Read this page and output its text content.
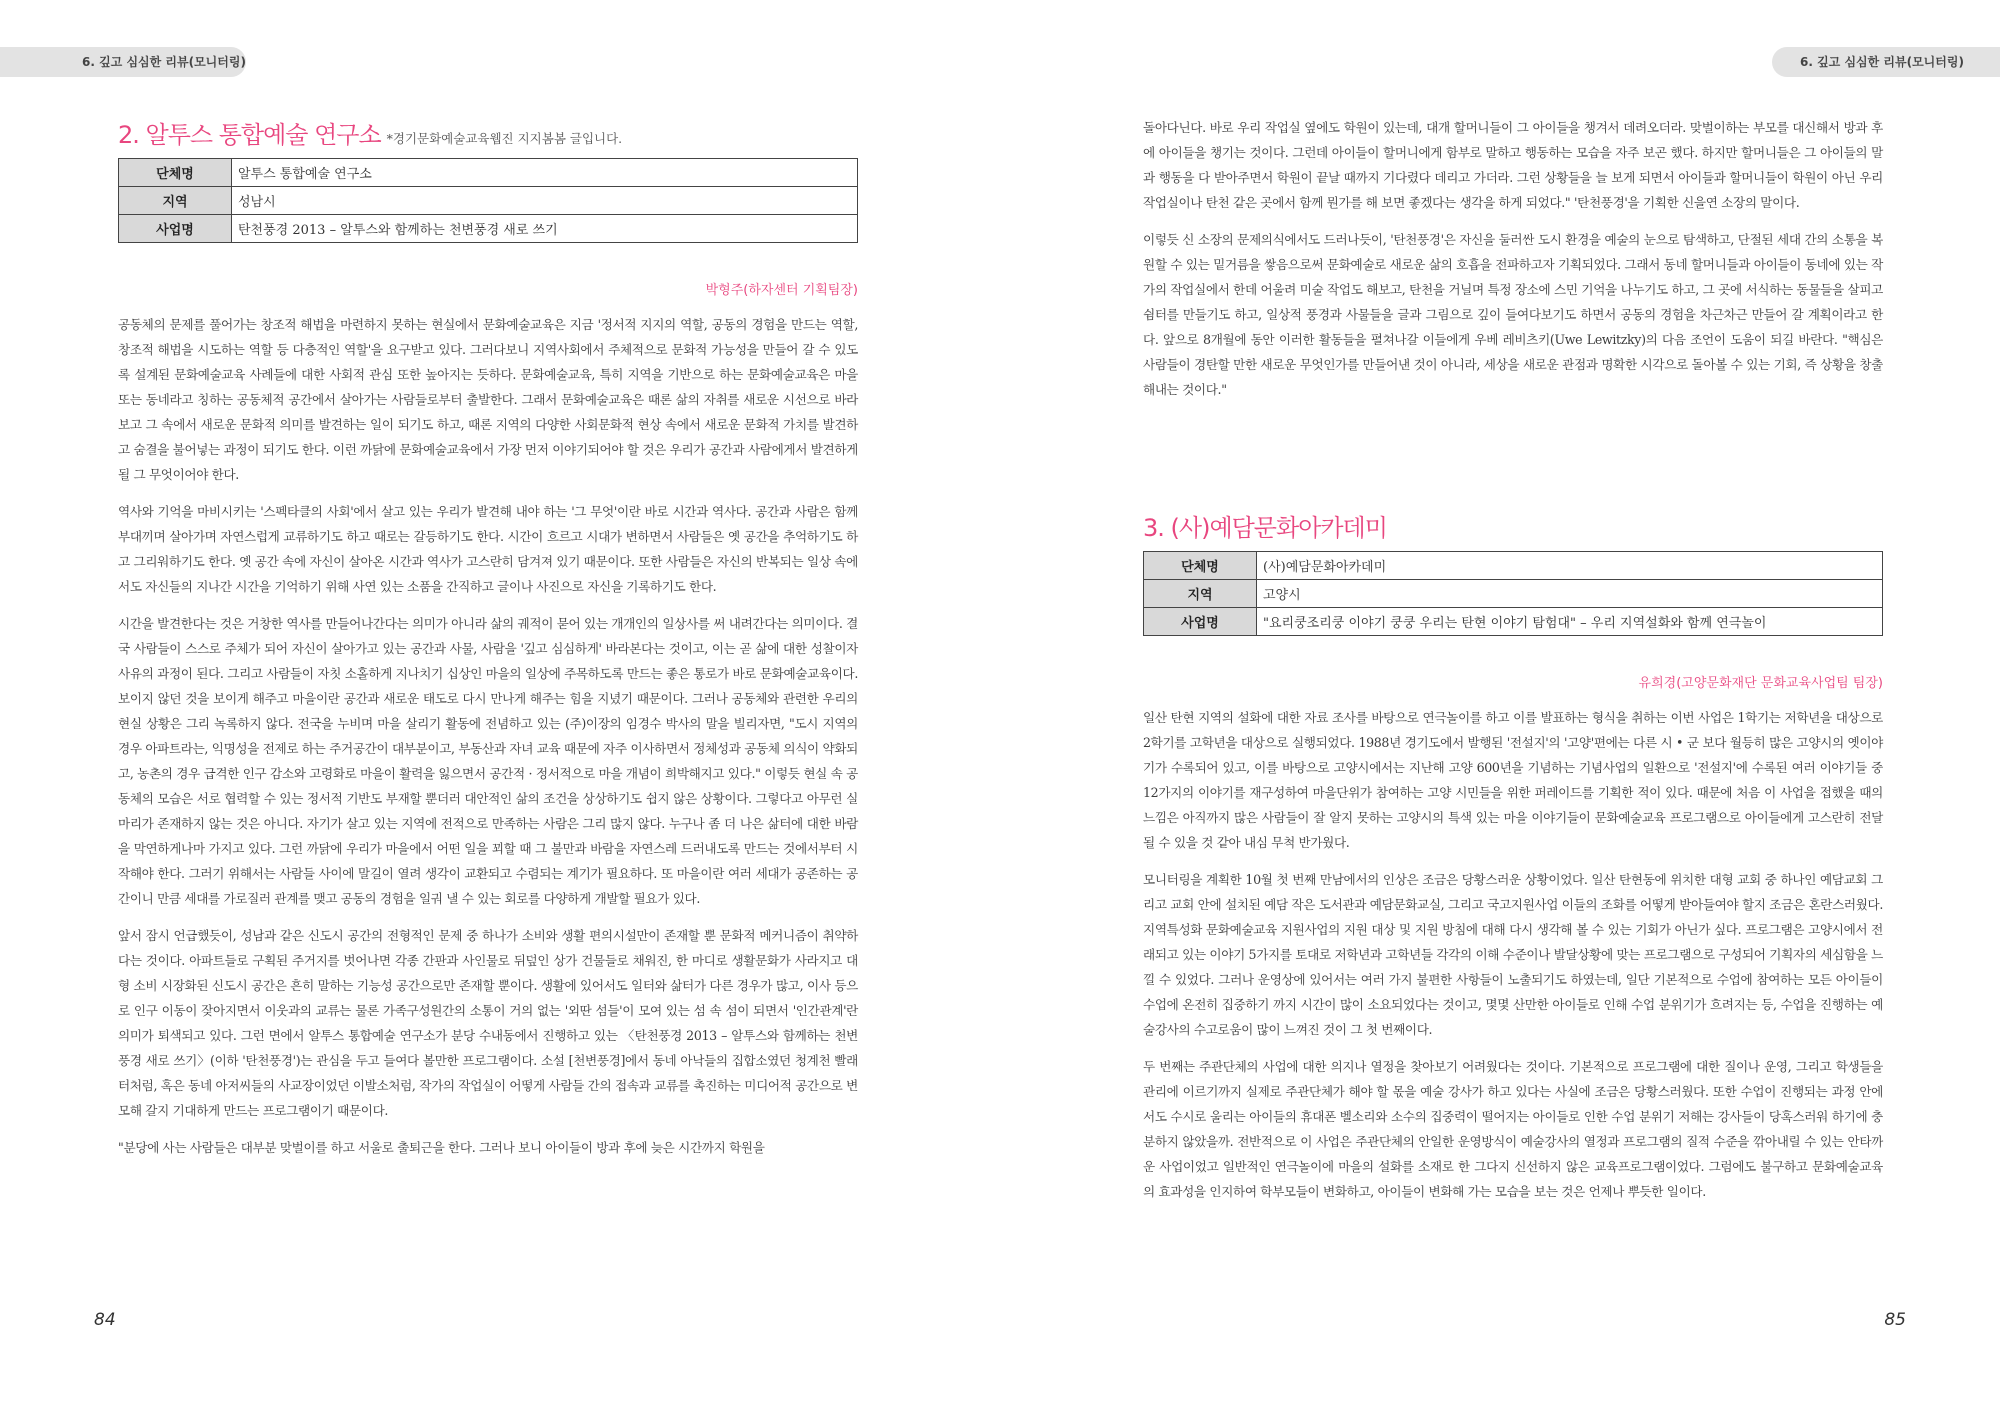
6. 깊고 심심한 리뷰(모니터링)
2. 알투스 통합예술 연구소 *경기문화예술교육웹진 지지봄봄 글입니다.
단체명	알투스 통합예술 연구소
지역	성남시
사업명	탄천풍경 2013 – 알투스와 함께하는 천변풍경 새로 쓰기
박형주(하자센터 기획팀장)

공동체의 문제를 풀어가는 창조적 해법을 마련하지 못하는 현실에서 문화예술교육은 지금 '정서적 지지의 역할, 공동의 경험을 만드는 역할, 창조적 해법을 시도하는 역할 등 다층적인 역할'을 요구받고 있다. 그러다보니 지역사회에서 주체적으로 문화적 가능성을 만들어 갈 수 있도록 설계된 문화예술교육 사례들에 대한 사회적 관심 또한 높아지는 듯하다. 문화예술교육, 특히 지역을 기반으로 하는 문화예술교육은 마을 또는 동네라고 칭하는 공동체적 공간에서 살아가는 사람들로부터 출발한다. 그래서 문화예술교육은 때론 삶의 자취를 새로운 시선으로 바라보고 그 속에서 새로운 문화적 의미를 발견하는 일이 되기도 하고, 때론 지역의 다양한 사회문화적 현상 속에서 새로운 문화적 가치를 발견하고 숨결을 불어넣는 과정이 되기도 한다. 이런 까닭에 문화예술교육에서 가장 먼저 이야기되어야 할 것은 우리가 공간과 사람에게서 발견하게 될 그 무엇이어야 한다.

역사와 기억을 마비시키는 '스펙타클의 사회'에서 살고 있는 우리가 발견해 내야 하는 '그 무엇'이란 바로 시간과 역사다. 공간과 사람은 함께 부대끼며 살아가며 자연스럽게 교류하기도 하고 때로는 갈등하기도 한다. 시간이 흐르고 시대가 변하면서 사람들은 옛 공간을 추억하기도 하고 그리워하기도 한다. 옛 공간 속에 자신이 살아온 시간과 역사가 고스란히 담겨져 있기 때문이다. 또한 사람들은 자신의 반복되는 일상 속에서도 자신들의 지나간 시간을 기억하기 위해 사연 있는 소품을 간직하고 글이나 사진으로 자신을 기록하기도 한다.

시간을 발견한다는 것은 거창한 역사를 만들어나간다는 의미가 아니라 삶의 궤적이 묻어 있는 개개인의 일상사를 써 내려간다는 의미이다. 결국 사람들이 스스로 주체가 되어 자신이 살아가고 있는 공간과 사물, 사람을 '깊고 심심하게' 바라본다는 것이고, 이는 곧 삶에 대한 성찰이자 사유의 과정이 된다. 그리고 사람들이 자칫 소홀하게 지나치기 십상인 마을의 일상에 주목하도록 만드는 좋은 통로가 바로 문화예술교육이다. 보이지 않던 것을 보이게 해주고 마을이란 공간과 새로운 태도로 다시 만나게 해주는 힘을 지녔기 때문이다. 그러나 공동체와 관련한 우리의 현실 상황은 그리 녹록하지 않다. 전국을 누비며 마을 살리기 활동에 전념하고 있는 (주)이장의 임경수 박사의 말을 빌리자면, "도시 지역의 경우 아파트라는, 익명성을 전제로 하는 주거공간이 대부분이고, 부동산과 자녀 교육 때문에 자주 이사하면서 정체성과 공동체 의식이 약화되고, 농촌의 경우 급격한 인구 감소와 고령화로 마을이 활력을 잃으면서 공간적 · 정서적으로 마을 개념이 희박해지고 있다." 이렇듯 현실 속 공동체의 모습은 서로 협력할 수 있는 정서적 기반도 부재할 뿐더러 대안적인 삶의 조건을 상상하기도 쉽지 않은 상황이다. 그렇다고 아무런 실마리가 존재하지 않는 것은 아니다. 자기가 살고 있는 지역에 전적으로 만족하는 사람은 그리 많지 않다. 누구나 좀 더 나은 삶터에 대한 바람을 막연하게나마 가지고 있다. 그런 까닭에 우리가 마을에서 어떤 일을 꾀할 때 그 불만과 바람을 자연스레 드러내도록 만드는 것에서부터 시작해야 한다. 그러기 위해서는 사람들 사이에 말길이 열려 생각이 교환되고 수렴되는 계기가 필요하다. 또 마을이란 여러 세대가 공존하는 공간이니 만큼 세대를 가로질러 관계를 맺고 공동의 경험을 일궈 낼 수 있는 회로를 다양하게 개발할 필요가 있다.

앞서 잠시 언급했듯이, 성남과 같은 신도시 공간의 전형적인 문제 중 하나가 소비와 생활 편의시설만이 존재할 뿐 문화적 메커니즘이 취약하다는 것이다. 아파트들로 구획된 주거지를 벗어나면 각종 간판과 사인물로 뒤덮인 상가 건물들로 채워진, 한 마디로 생활문화가 사라지고 대형 소비 시장화된 신도시 공간은 흔히 말하는 기능성 공간으로만 존재할 뿐이다. 생활에 있어서도 일터와 삶터가 다른 경우가 많고, 이사 등으로 인구 이동이 잦아지면서 이웃과의 교류는 물론 가족구성원간의 소통이 거의 없는 '외딴 섬들'이 모여 있는 섬 속 섬이 되면서 '인간관계'란 의미가 퇴색되고 있다. 그런 면에서 알투스 통합예술 연구소가 분당 수내동에서 진행하고 있는 〈탄천풍경 2013 – 알투스와 함께하는 천변풍경 새로 쓰기〉(이하 '탄천풍경')는 관심을 두고 들여다 볼만한 프로그램이다. 소설 [천변풍경]에서 동네 아낙들의 집합소였던 청계천 빨래터처럼, 혹은 동네 아저씨들의 사교장이었던 이발소처럼, 작가의 작업실이 어떻게 사람들 간의 접속과 교류를 촉진하는 미디어적 공간으로 변모해 갈지 기대하게 만드는 프로그램이기 때문이다.

"분당에 사는 사람들은 대부분 맞벌이를 하고 서울로 출퇴근을 한다. 그러나 보니 아이들이 방과 후에 늦은 시간까지 학원을

84
6. 깊고 심심한 리뷰(모니터링)

돌아다닌다. 바로 우리 작업실 옆에도 학원이 있는데, 대개 할머니들이 그 아이들을 챙겨서 데려오더라. 맞벌이하는 부모를 대신해서 방과 후에 아이들을 챙기는 것이다. 그런데 아이들이 할머니에게 함부로 말하고 행동하는 모습을 자주 보곤 했다. 하지만 할머니들은 그 아이들의 말과 행동을 다 받아주면서 학원이 끝날 때까지 기다렸다 데리고 가더라. 그런 상황들을 늘 보게 되면서 아이들과 할머니들이 학원이 아닌 우리 작업실이나 탄천 같은 곳에서 함께 뭔가를 해 보면 좋겠다는 생각을 하게 되었다." '탄천풍경'을 기획한 신을연 소장의 말이다.

이렇듯 신 소장의 문제의식에서도 드러나듯이, '탄천풍경'은 자신을 둘러싼 도시 환경을 예술의 눈으로 탐색하고, 단절된 세대 간의 소통을 복원할 수 있는 밑거름을 쌓음으로써 문화예술로 새로운 삶의 호흡을 전파하고자 기획되었다. 그래서 동네 할머니들과 아이들이 동네에 있는 작가의 작업실에서 한데 어울려 미술 작업도 해보고, 탄천을 거닐며 특정 장소에 스민 기억을 나누기도 하고, 그 곳에 서식하는 동물들을 살피고 쉼터를 만들기도 하고, 일상적 풍경과 사물들을 글과 그림으로 깊이 들여다보기도 하면서 공동의 경험을 차근차근 만들어 갈 계획이라고 한다. 앞으로 8개월에 동안 이러한 활동들을 펼쳐나갈 이들에게 우베 레비츠키(Uwe Lewitzky)의 다음 조언이 도움이 되길 바란다. "핵심은 사람들이 경탄할 만한 새로운 무엇인가를 만들어낸 것이 아니라, 세상을 새로운 관점과 명확한 시각으로 돌아볼 수 있는 기회, 즉 상황을 창출해내는 것이다."

3. (사)예담문화아카데미
단체명	(사)예담문화아카데미
지역	고양시
사업명	"요리쿵조리쿵 이야기 쿵쿵 우리는 탄현 이야기 탐험대" – 우리 지역설화와 함께 연극놀이
유희경(고양문화재단 문화교육사업팀 팀장)

일산 탄현 지역의 설화에 대한 자료 조사를 바탕으로 연극놀이를 하고 이를 발표하는 형식을 취하는 이번 사업은 1학기는 저학년을 대상으로 2학기를 고학년을 대상으로 실행되었다. 1988년 경기도에서 발행된 '전설지'의 '고양'편에는 다른 시 • 군 보다 월등히 많은 고양시의 옛이야기가 수록되어 있고, 이를 바탕으로 고양시에서는 지난해 고양 600년을 기념하는 기념사업의 일환으로 '전설지'에 수록된 여러 이야기들 중 12가지의 이야기를 재구성하여 마을단위가 참여하는 고양 시민들을 위한 퍼레이드를 기획한 적이 있다. 때문에 처음 이 사업을 접했을 때의 느낌은 아직까지 많은 사람들이 잘 알지 못하는 고양시의 특색 있는 마을 이야기들이 문화예술교육 프로그램으로 아이들에게 고스란히 전달될 수 있을 것 같아 내심 무척 반가웠다.

모니터링을 계획한 10월 첫 번째 만남에서의 인상은 조금은 당황스러운 상황이었다. 일산 탄현동에 위치한 대형 교회 중 하나인 예담교회 그리고 교회 안에 설치된 예담 작은 도서관과 예담문화교실, 그리고 국고지원사업 이들의 조화를 어떻게 받아들여야 할지 조금은 혼란스러웠다. 지역특성화 문화예술교육 지원사업의 지원 대상 및 지원 방침에 대해 다시 생각해 볼 수 있는 기회가 아닌가 싶다. 프로그램은 고양시에서 전래되고 있는 이야기 5가지를 토대로 저학년과 고학년들 각각의 이해 수준이나 발달상황에 맞는 프로그램으로 구성되어 기획자의 세심함을 느낄 수 있었다. 그러나 운영상에 있어서는 여러 가지 불편한 사항들이 노출되기도 하였는데, 일단 기본적으로 수업에 참여하는 모든 아이들이 수업에 온전히 집중하기 까지 시간이 많이 소요되었다는 것이고, 몇몇 산만한 아이들로 인해 수업 분위기가 흐려지는 등, 수업을 진행하는 예술강사의 수고로움이 많이 느껴진 것이 그 첫 번째이다.

두 번째는 주관단체의 사업에 대한 의지나 열정을 찾아보기 어려웠다는 것이다. 기본적으로 프로그램에 대한 질이나 운영, 그리고 학생들을 관리에 이르기까지 실제로 주관단체가 해야 할 몫을 예술 강사가 하고 있다는 사실에 조금은 당황스러웠다. 또한 수업이 진행되는 과정 안에서도 수시로 울리는 아이들의 휴대폰 벨소리와 소수의 집중력이 떨어지는 아이들로 인한 수업 분위기 저해는 강사들이 당혹스러워 하기에 충분하지 않았을까. 전반적으로 이 사업은 주관단체의 안일한 운영방식이 예술강사의 열정과 프로그램의 질적 수준을 깎아내릴 수 있는 안타까운 사업이었고 일반적인 연극놀이에 마을의 설화를 소재로 한 그다지 신선하지 않은 교육프로그램이었다. 그럼에도 불구하고 문화예술교육의 효과성을 인지하여 학부모들이 변화하고, 아이들이 변화해 가는 모습을 보는 것은 언제나 뿌듯한 일이다.

85
